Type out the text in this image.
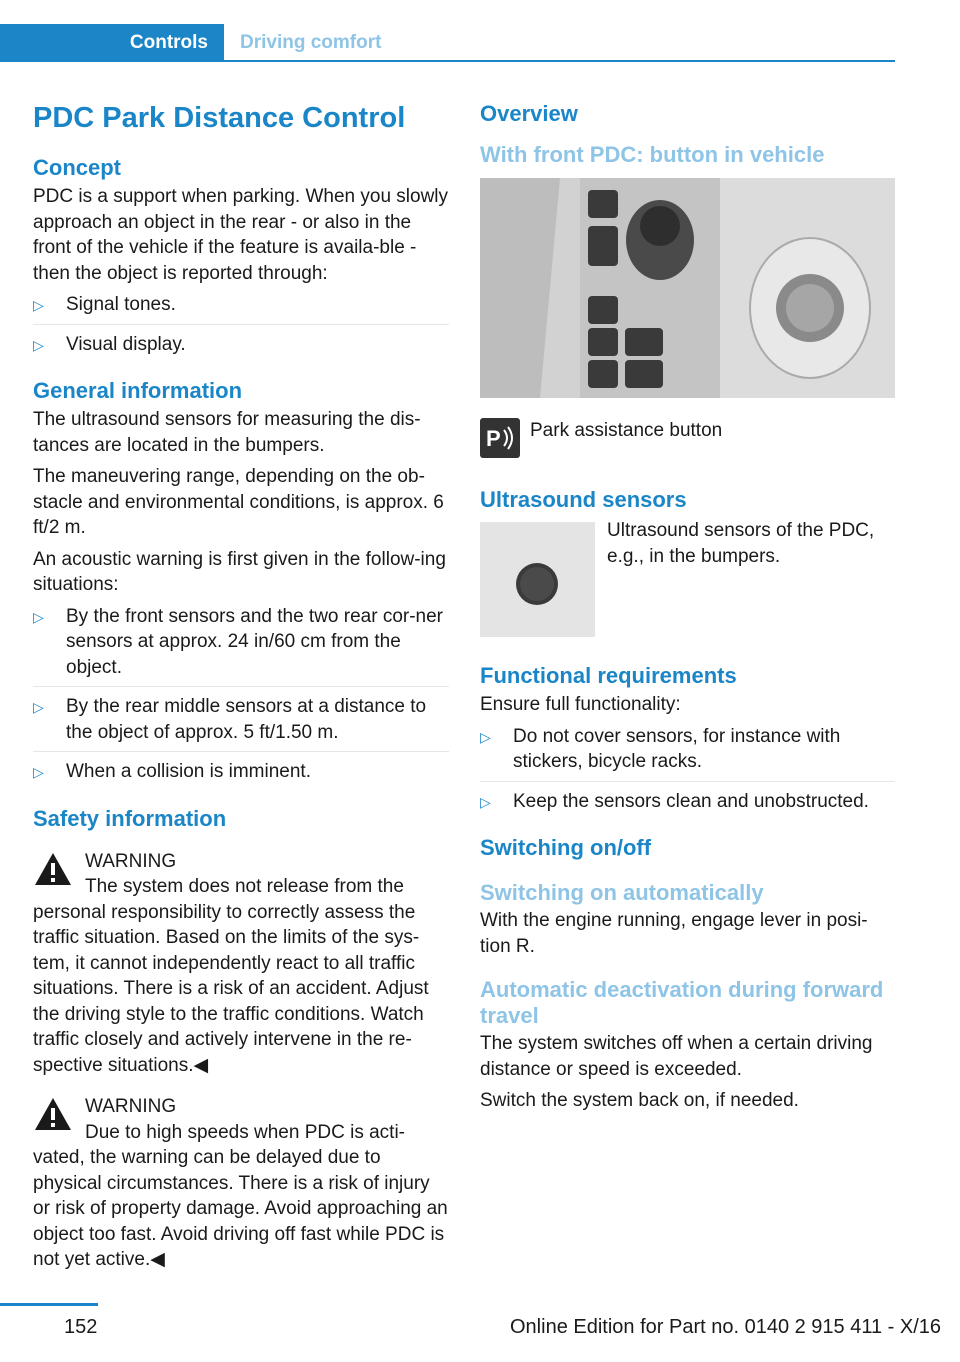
Controls	Driving comfort
PDC Park Distance Control
Concept

PDC is a support when parking. When you slowly approach an object in the rear - or also in the front of the vehicle if the feature is availa‐ble - then the object is reported through:

▷ Signal tones.
▷ Visual display.
General information

The ultrasound sensors for measuring the dis‐tances are located in the bumpers.

The maneuvering range, depending on the ob‐stacle and environmental conditions, is approx. 6 ft/2 m.

An acoustic warning is first given in the follow‐ing situations:

▷ By the front sensors and the two rear cor‐ner sensors at approx. 24 in/60 cm from the object.
▷ By the rear middle sensors at a distance to the object of approx. 5 ft/1.50 m.
▷ When a collision is imminent.
Safety information
WARNING
The system does not release from the
personal responsibility to correctly assess the traffic situation. Based on the limits of the sys‐tem, it cannot independently react to all traffic situations. There is a risk of an accident. Adjust the driving style to the traffic conditions. Watch traffic closely and actively intervene in the re‐spective situations.◀
WARNING
Due to high speeds when PDC is acti‐
vated, the warning can be delayed due to physical circumstances. There is a risk of injury or risk of property damage. Avoid approaching an object too fast. Avoid driving off fast while PDC is not yet active.◀
Overview
With front PDC: button in vehicle
P Park assistance button
Ultrasound sensors
Ultrasound sensors of the PDC, e.g., in the bumpers.
Functional requirements

Ensure full functionality:

▷ Do not cover sensors, for instance with stickers, bicycle racks.
▷ Keep the sensors clean and unobstructed.
Switching on/off
Switching on automatically

With the engine running, engage lever in posi‐tion R.

Automatic deactivation during forward travel

The system switches off when a certain driving distance or speed is exceeded.

Switch the system back on, if needed.

152	Online Edition for Part no. 0140 2 915 411 - X/16
